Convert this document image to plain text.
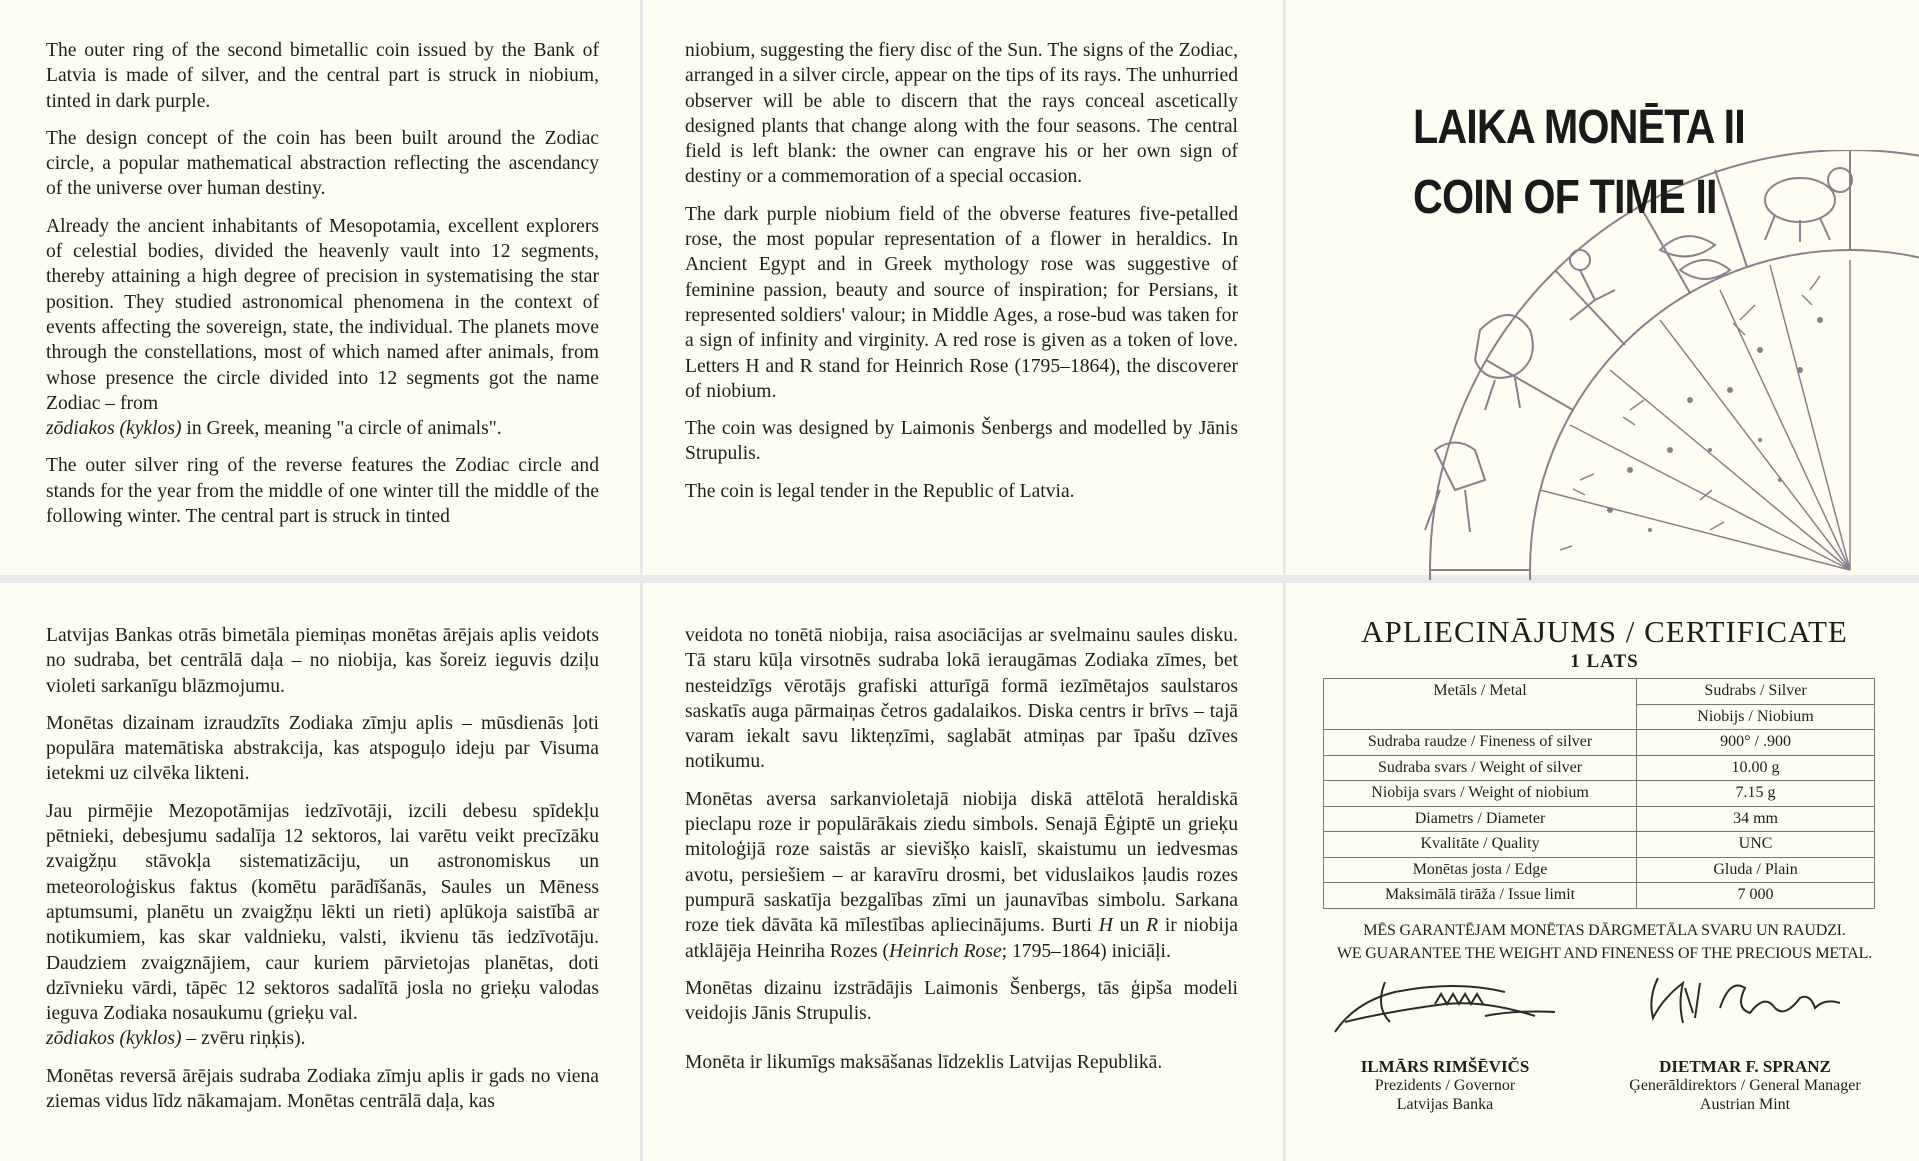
The outer ring of the second bimetallic coin issued by the Bank of Latvia is made of silver, and the central part is struck in niobium, tinted in dark purple.

The design concept of the coin has been built around the Zodiac circle, a popular mathematical abstraction reflecting the ascendancy of the universe over human destiny.

Already the ancient inhabitants of Mesopotamia, excellent explorers of celestial bodies, divided the heavenly vault into 12 segments, thereby attaining a high degree of precision in systematising the star position. They studied astronomical phenomena in the context of events affecting the sovereign, state, the individual. The planets move through the constellations, most of which named after animals, from whose presence the circle divided into 12 segments got the name Zodiac – from

zōdiakos (kyklos) in Greek, meaning "a circle of animals".

The outer silver ring of the reverse features the Zodiac circle and stands for the year from the middle of one winter till the middle of the following winter. The central part is struck in tinted

niobium, suggesting the fiery disc of the Sun. The signs of the Zodiac, arranged in a silver circle, appear on the tips of its rays. The unhurried observer will be able to discern that the rays conceal ascetically designed plants that change along with the four seasons. The central field is left blank: the owner can engrave his or her own sign of destiny or a commemoration of a special occasion.

The dark purple niobium field of the obverse features five-petalled rose, the most popular representation of a flower in heraldics. In Ancient Egypt and in Greek mythology rose was suggestive of feminine passion, beauty and source of inspiration; for Persians, it represented soldiers' valour; in Middle Ages, a rose-bud was taken for a sign of infinity and virginity. A red rose is given as a token of love. Letters H and R stand for Heinrich Rose (1795–1864), the discoverer of niobium.

The coin was designed by Laimonis Šenbergs and modelled by Jānis Strupulis.

The coin is legal tender in the Republic of Latvia.

LAIKA MONĒTA II
COIN OF TIME II

Latvijas Bankas otrās bimetāla piemiņas monētas ārējais aplis veidots no sudraba, bet centrālā daļa – no niobija, kas šoreiz ieguvis dziļu violeti sarkanīgu blāzmojumu.

Monētas dizainam izraudzīts Zodiaka zīmju aplis – mūsdienās ļoti populāra matemātiska abstrakcija, kas atspoguļo ideju par Visuma ietekmi uz cilvēka likteni.

Jau pirmējie Mezopotāmijas iedzīvotāji, izcili debesu spīdekļu pētnieki, debesjumu sadalīja 12 sektoros, lai varētu veikt precīzāku zvaigžņu stāvokļa sistematizāciju, un astronomiskus un meteoroloģiskus faktus (komētu parādīšanās, Saules un Mēness aptumsumi, planētu un zvaigžņu lēkti un rieti) aplūkoja saistībā ar notikumiem, kas skar valdnieku, valsti, ikvienu tās iedzīvotāju. Daudziem zvaigznājiem, caur kuriem pārvietojas planētas, doti dzīvnieku vārdi, tāpēc 12 sektoros sadalītā josla no grieķu valodas ieguva Zodiaka nosaukumu (grieķu val.

zōdiakos (kyklos) – zvēru riņķis).

Monētas reversā ārējais sudraba Zodiaka zīmju aplis ir gads no viena ziemas vidus līdz nākamajam. Monētas centrālā daļa, kas

veidota no tonētā niobija, raisa asociācijas ar svelmainu saules disku. Tā staru kūļa virsotnēs sudraba lokā ieraugāmas Zodiaka zīmes, bet nesteidzīgs vērotājs grafiski atturīgā formā iezīmētajos saulstaros saskatīs auga pārmaiņas četros gadalaikos. Diska centrs ir brīvs – tajā varam iekalt savu likteņzīmi, saglabāt atmiņas par īpašu dzīves notikumu.

Monētas aversa sarkanvioletajā niobija diskā attēlotā heraldiskā pieclapu roze ir populārākais ziedu simbols. Senajā Ēģiptē un grieķu mitoloģijā roze saistās ar sievišķo kaislī, skaistumu un iedvesmas avotu, persiešiem – ar karavīru drosmi, bet viduslaikos ļaudis rozes pumpurā saskatīja bezgalības zīmi un jaunavības simbolu. Sarkana roze tiek dāvāta kā mīlestības apliecinājums. Burti H un R ir niobija atklājēja Heinriha Rozes (Heinrich Rose; 1795–1864) iniciāļi.

Monētas dizainu izstrādājis Laimonis Šenbergs, tās ģipša modeli veidojis Jānis Strupulis.

Monēta ir likumīgs maksāšanas līdzeklis Latvijas Republikā.

APLIECINĀJUMS / CERTIFICATE
1 LATS
Metāls / Metal	Sudrabs / Silver
	Niobijs / Niobium
Sudraba raudze / Fineness of silver	900° / .900
Sudraba svars / Weight of silver	10.00 g
Niobija svars / Weight of niobium	7.15 g
Diametrs / Diameter	34 mm
Kvalitāte / Quality	UNC
Monētas josta / Edge	Gluda / Plain
Maksimālā tirāža / Issue limit	7 000
MĒS GARANTĒJAM MONĒTAS DĀRGMETĀLA SVARU UN RAUDZI.
WE GUARANTEE THE WEIGHT AND FINENESS OF THE PRECIOUS METAL.
ILMĀRS RIMŠĒVIČS
Prezidents / Governor
Latvijas Banka
DIETMAR F. SPRANZ
Ģenerāldirektors / General Manager
Austrian Mint
